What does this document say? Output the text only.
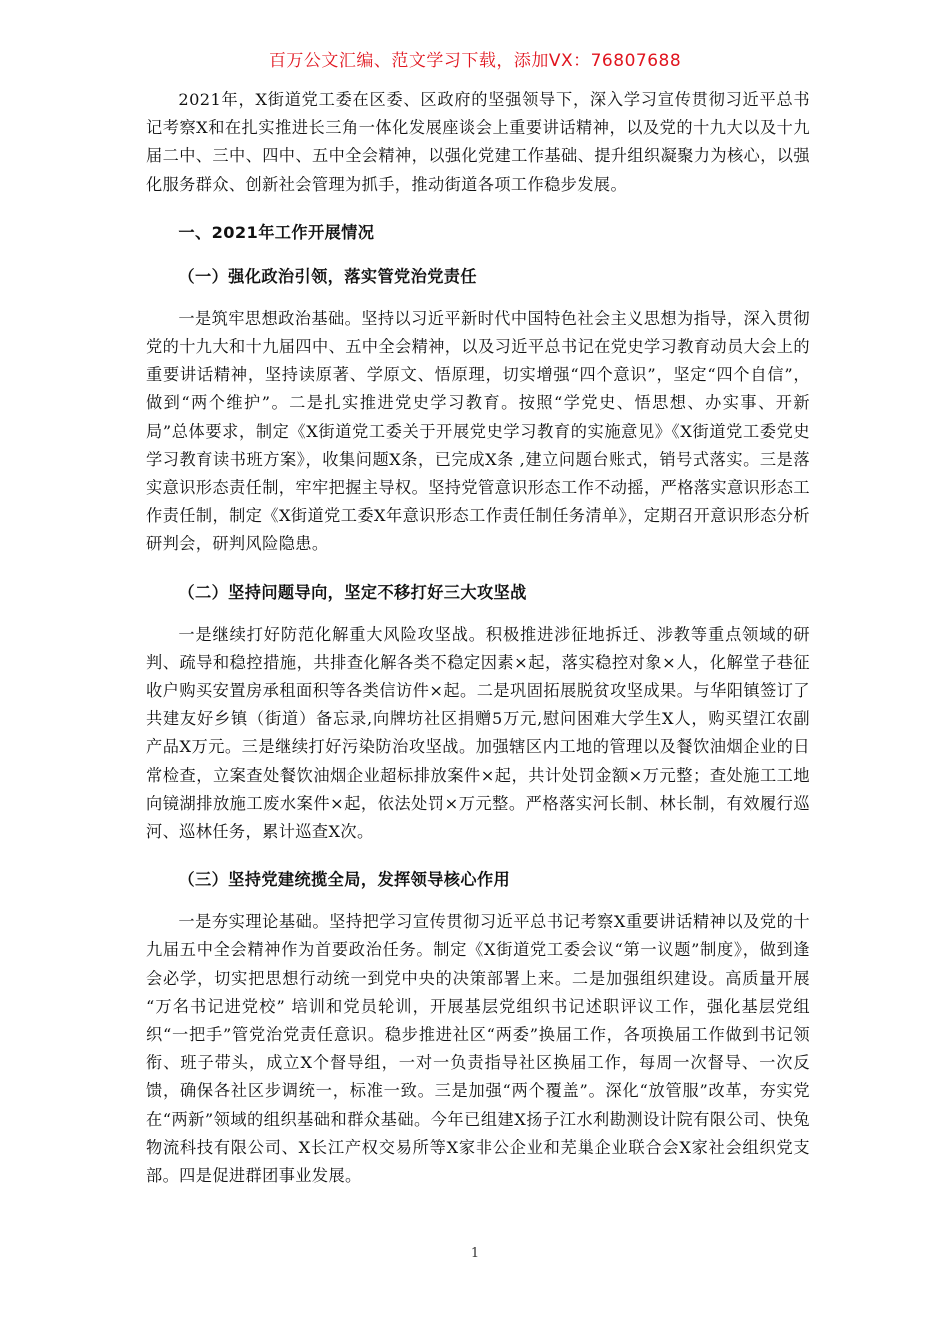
百万公文汇编、范文学习下载，添加VX：76807688

2021年，X街道党工委在区委、区政府的坚强领导下，深入学习宣传贯彻习近平总书记考察X和在扎实推进长三角一体化发展座谈会上重要讲话精神，以及党的十九大以及十九届二中、三中、四中、五中全会精神，以强化党建工作基础、提升组织凝聚力为核心，以强化服务群众、创新社会管理为抓手，推动街道各项工作稳步发展。

一、2021年工作开展情况
（一）强化政治引领，落实管党治党责任

一是筑牢思想政治基础。坚持以习近平新时代中国特色社会主义思想为指导，深入贯彻党的十九大和十九届四中、五中全会精神，以及习近平总书记在党史学习教育动员大会上的重要讲话精神，坚持读原著、学原文、悟原理，切实增强“四个意识”，坚定“四个自信”，做到“两个维护”。二是扎实推进党史学习教育。按照“学党史、悟思想、办实事、开新局”总体要求，制定《X街道党工委关于开展党史学习教育的实施意见》《X街道党工委党史学习教育读书班方案》，收集问题X条，已完成X条 ,建立问题台账式，销号式落实。三是落实意识形态责任制，牢牢把握主导权。坚持党管意识形态工作不动摇，严格落实意识形态工作责任制，制定《X街道党工委X年意识形态工作责任制任务清单》，定期召开意识形态分析研判会，研判风险隐患。

（二）坚持问题导向，坚定不移打好三大攻坚战

一是继续打好防范化解重大风险攻坚战。积极推进涉征地拆迁、涉教等重点领域的研判、疏导和稳控措施，共排查化解各类不稳定因素×起，落实稳控对象×人，化解堂子巷征收户购买安置房承租面积等各类信访件×起。二是巩固拓展脱贫攻坚成果。与华阳镇签订了共建友好乡镇（街道）备忘录,向牌坊社区捐赠5万元,慰问困难大学生X人，购买望江农副产品X万元。三是继续打好污染防治攻坚战。加强辖区内工地的管理以及餐饮油烟企业的日常检查，立案查处餐饮油烟企业超标排放案件×起，共计处罚金额×万元整；查处施工工地向镜湖排放施工废水案件×起，依法处罚×万元整。严格落实河长制、林长制，有效履行巡河、巡林任务，累计巡查X次。

（三）坚持党建统揽全局，发挥领导核心作用

一是夯实理论基础。坚持把学习宣传贯彻习近平总书记考察X重要讲话精神以及党的十九届五中全会精神作为首要政治任务。制定《X街道党工委会议“第一议题”制度》，做到逢会必学，切实把思想行动统一到党中央的决策部署上来。二是加强组织建设。高质量开展 “万名书记进党校” 培训和党员轮训，开展基层党组织书记述职评议工作，强化基层党组织“一把手”管党治党责任意识。稳步推进社区“两委”换届工作，各项换届工作做到书记领衔、班子带头，成立X个督导组，一对一负责指导社区换届工作，每周一次督导、一次反馈，确保各社区步调统一，标准一致。三是加强“两个覆盖”。深化“放管服”改革，夯实党在“两新”领域的组织基础和群众基础。今年已组建X扬子江水利勘测设计院有限公司、快兔物流科技有限公司、X长江产权交易所等X家非公企业和芜巢企业联合会X家社会组织党支部。四是促进群团事业发展。

1
